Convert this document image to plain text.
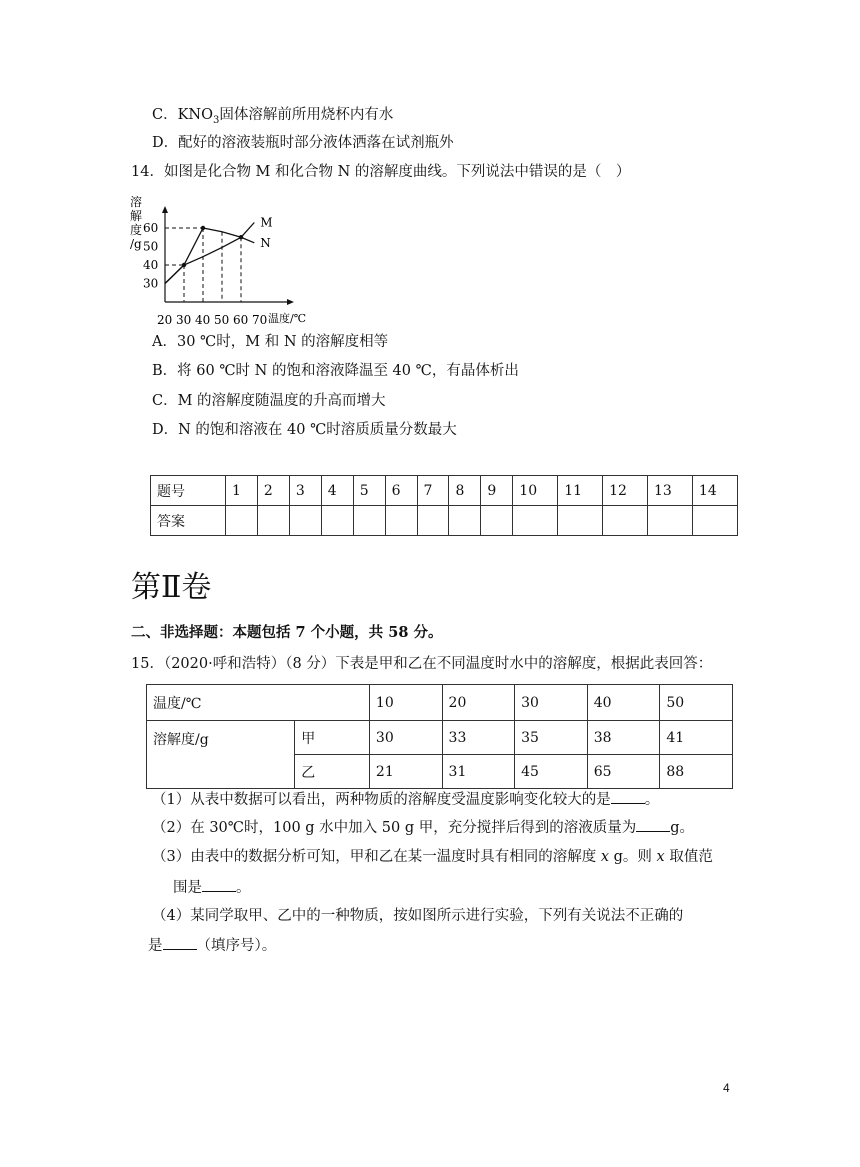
C．$KNO_3$固体溶解前所用烧杯内有水
D．配好的溶液装瓶时部分液体洒落在试剂瓶外
14．如图是化合物 M 和化合物 N 的溶解度曲线。下列说法中错误的是（　）
溶
解
度
/g
20 30 40 50 60 70 温度/℃
30
40
50
60	M
N
A．30 ℃时，M 和 N 的溶解度相等
B．将 60 ℃时 N 的饱和溶液降温至 40 ℃，有晶体析出
C．M 的溶解度随温度的升高而增大
D．N 的饱和溶液在 40 ℃时溶质质量分数最大
题号	1	2	3	4	5	6	7	8	9	10	11	12	13	14
答案														
第Ⅱ卷
二、非选择题：本题包括 7 个小题，共 58 分。
15．（2020·呼和浩特）（8 分）下表是甲和乙在不同温度时水中的溶解度，根据此表回答：
温度/℃		10	20	30	40	50
溶解度/g	甲	30	33	35	38	41
	乙	21	31	45	65	88
（1）从表中数据可以看出，两种物质的溶解度受温度影响变化较大的是 。
（2）在 30℃时，100 g 水中加入 50 g 甲，充分搅拌后得到的溶液质量为 g。
（3）由表中的数据分析可知，甲和乙在某一温度时具有相同的溶解度 x g。则 x 取值范
围是 。
（4）某同学取甲、乙中的一种物质，按如图所示进行实验，下列有关说法不正确的
是 （填序号）。
4
